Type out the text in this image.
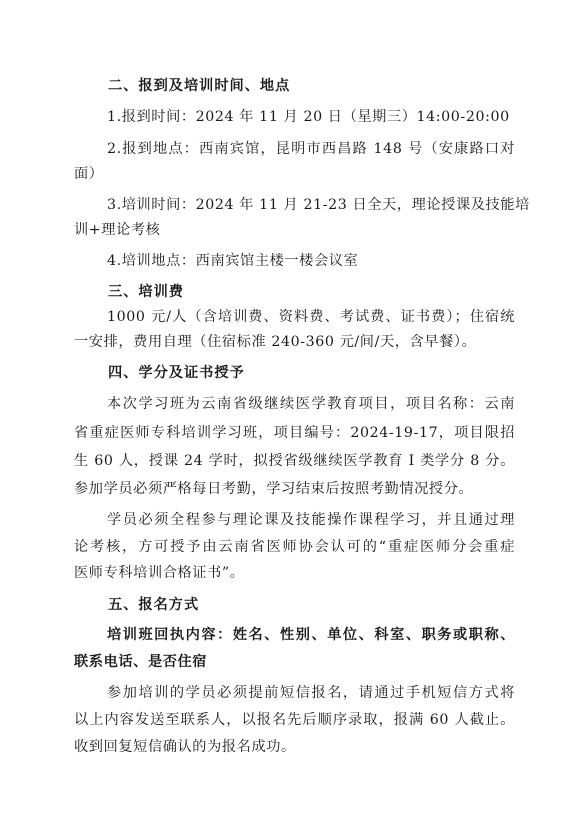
二、报到及培训时间、地点

1.报到时间：2024 年 11 月 20 日（星期三）14:00-20:00

2.报到地点：西南宾馆，昆明市西昌路 148 号（安康路口对

面）

3.培训时间：2024 年 11 月 21-23 日全天，理论授课及技能培

训+理论考核

4.培训地点：西南宾馆主楼一楼会议室

三、培训费

1000 元/人（含培训费、资料费、考试费、证书费）；住宿统

一安排，费用自理（住宿标准 240-360 元/间/天，含早餐）。

四、学分及证书授予

本次学习班为云南省级继续医学教育项目，项目名称：云南

省重症医师专科培训学习班，项目编号：2024-19-17，项目限招

生 60 人，授课 24 学时，拟授省级继续医学教育 I 类学分 8 分。

参加学员必须严格每日考勤，学习结束后按照考勤情况授分。

学员必须全程参与理论课及技能操作课程学习，并且通过理

论考核，方可授予由云南省医师协会认可的“重症医师分会重症

医师专科培训合格证书”。

五、报名方式

培训班回执内容：姓名、性别、单位、科室、职务或职称、

联系电话、是否住宿

参加培训的学员必须提前短信报名，请通过手机短信方式将

以上内容发送至联系人，以报名先后顺序录取，报满 60 人截止。

收到回复短信确认的为报名成功。
